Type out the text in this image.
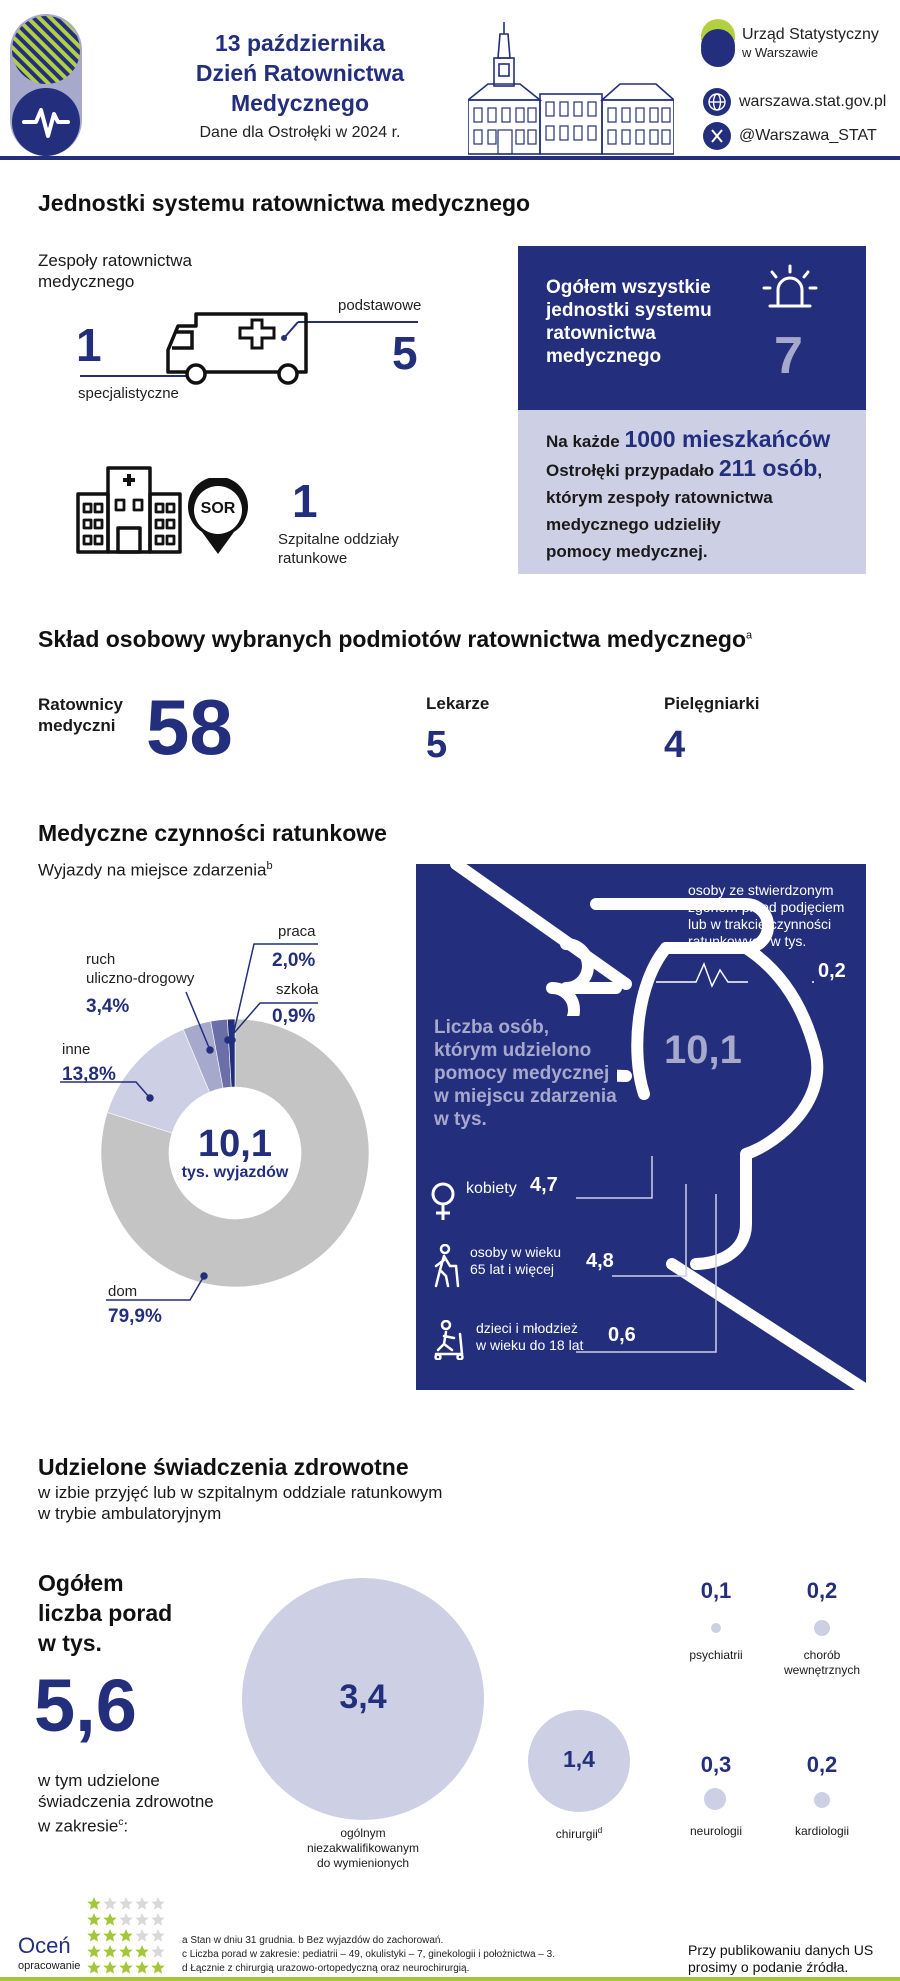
13 października
Dzień Ratownictwa
Medycznego
Dane dla Ostrołęki w 2024 r.
Urząd Statystyczny
w Warszawie
warszawa.stat.gov.pl
@Warszawa_STAT
Jednostki systemu ratownictwa medycznego
Zespoły ratownictwa
medycznego
1
specjalistyczne
podstawowe
5
SOR 1
Szpitalne oddziały
ratunkowe
Ogółem wszystkie
jednostki systemu
ratownictwa
medycznego	7
Na każde 1000 mieszkańców
Ostrołęki przypadało 211 osób,
którym zespoły ratownictwa
medycznego udzieliły
pomocy medycznej.
Skład osobowy wybranych podmiotów ratownictwa medycznego$^a$
Ratownicy
medyczni 58	Lekarze
5
Pielęgniarki
4
Medyczne czynności ratunkowe
Wyjazdy na miejsce zdarzenia$^b$
10,1
tys. wyjazdów
praca
2,0%
szkoła
0,9%
ruch
uliczno-drogowy
3,4%
inne
13,8%
dom
79,9%
osoby ze stwierdzonym
zgonem przed podjęciem
lub w trakcie czynności
ratunkowych w tys.
0,2
Liczba osób,
którym udzielono
pomocy medycznej
w miejscu zdarzenia
w tys.
10,1
kobiety 4,7
osoby w wieku
65 lat i więcej	4,8
dzieci i młodzież
w wieku do 18 lat 0,6
Udzielone świadczenia zdrowotne
w izbie przyjęć lub w szpitalnym oddziale ratunkowym
w trybie ambulatoryjnym
Ogółem
liczba porad
w tys.
5,6
w tym udzielone
świadczenia zdrowotne
w zakresie$^c$:
3,4
ogólnym
niezakwalifikowanym
do wymienionych
1,4
chirurgii$^d$
0,1
psychiatrii
0,2
chorób
wewnętrznych
0,3
neurologii
0,2
kardiologii
Oceń
opracowanie
a Stan w dniu 31 grudnia. b Bez wyjazdów do zachorowań.
c Liczba porad w zakresie: pediatrii – 49, okulistyki – 7, ginekologii i położnictwa – 3.
d Łącznie z chirurgią urazowo-ortopedyczną oraz neurochirurgią.
Przy publikowaniu danych US
prosimy o podanie źródła.
